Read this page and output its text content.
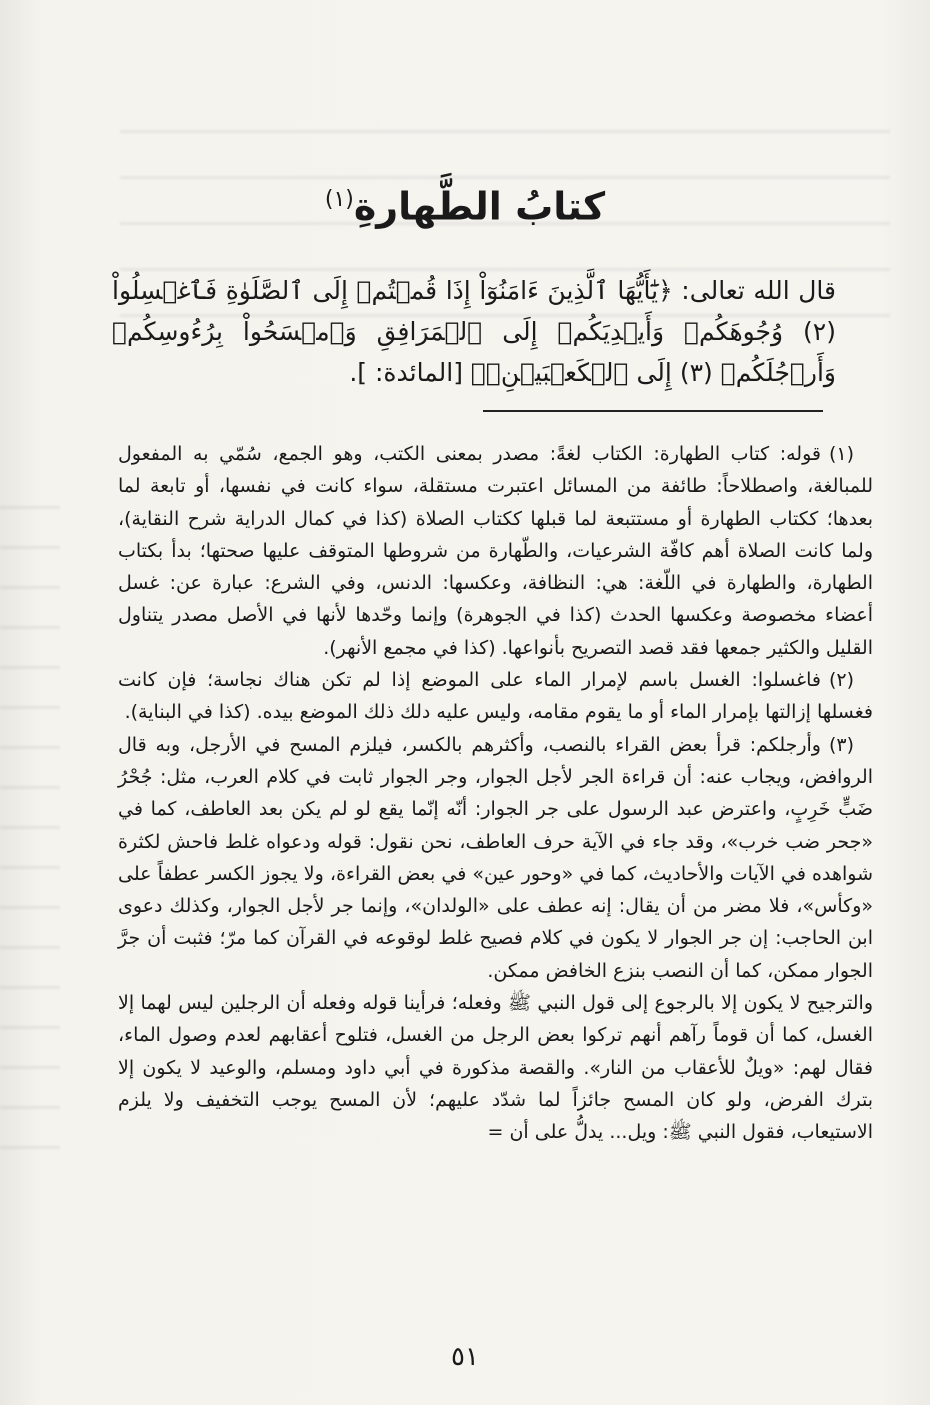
كتابُ الطَّهارةِ$^{(١)}$
قال الله تعالى: ﴿يَٰٓأَيُّهَا ٱلَّذِينَ ءَامَنُوٓاْ إِذَا قُمۡتُمۡ إِلَى ٱلصَّلَوٰةِ فَٱغۡسِلُواْ (٢) وُجُوهَكُمۡ وَأَيۡدِيَكُمۡ إِلَى ٱلۡمَرَافِقِ وَٱمۡسَحُواْ بِرُءُوسِكُمۡ وَأَرۡجُلَكُمۡ (٣) إِلَى ٱلۡكَعۡبَيۡنِۚ﴾ [المائدة: ].

(١)
قوله: كتاب الطهارة: الكتاب لغةً: مصدر بمعنى الكتب، وهو الجمع، سُمّي به المفعول للمبالغة، واصطلاحاً: طائفة من المسائل اعتبرت مستقلة، سواء كانت في نفسها، أو تابعة لما بعدها؛ ككتاب الطهارة أو مستتبعة لما قبلها ككتاب الصلاة (كذا في كمال الدراية شرح النقاية)، ولما كانت الصلاة أهم كافّة الشرعيات، والطّهارة من شروطها المتوقف عليها صحتها؛ بدأ بكتاب الطهارة، والطهارة في اللّغة: هي: النظافة، وعكسها: الدنس، وفي الشرع: عبارة عن: غسل أعضاء مخصوصة وعكسها الحدث (كذا في الجوهرة) وإنما وحّدها لأنها في الأصل مصدر يتناول القليل والكثير جمعها فقد قصد التصريح بأنواعها. (كذا في مجمع الأنهر).

(٢)
فاغسلوا: الغسل باسم لإمرار الماء على الموضع إذا لم تكن هناك نجاسة؛ فإن كانت فغسلها إزالتها بإمرار الماء أو ما يقوم مقامه، وليس عليه دلك ذلك الموضع بيده. (كذا في البناية).

(٣)
وأرجلكم: قرأ بعض القراء بالنصب، وأكثرهم بالكسر، فيلزم المسح في الأرجل، وبه قال الروافض، ويجاب عنه: أن قراءة الجر لأجل الجوار، وجر الجوار ثابت في كلام العرب، مثل: جُحْرُ ضَبٍّ خَرِبٍ، واعترض عبد الرسول على جر الجوار: أنّه إنّما يقع لو لم يكن بعد العاطف، كما في «جحر ضب خرب»، وقد جاء في الآية حرف العاطف، نحن نقول: قوله ودعواه غلط فاحش لكثرة شواهده في الآيات والأحاديث، كما في «وحور عين» في بعض القراءة، ولا يجوز الكسر عطفاً على «وكأس»، فلا مضر من أن يقال: إنه عطف على «الولدان»، وإنما جر لأجل الجوار، وكذلك دعوى ابن الحاجب: إن جر الجوار لا يكون في كلام فصيح غلط لوقوعه في القرآن كما مرّ؛ فثبت أن جرَّ الجوار ممكن، كما أن النصب بنزع الخافض ممكن.

والترجيح لا يكون إلا بالرجوع إلى قول النبي ﷺ وفعله؛ فرأينا قوله وفعله أن الرجلين ليس لهما إلا الغسل، كما أن قوماً رآهم أنهم تركوا بعض الرجل من الغسل، فتلوح أعقابهم لعدم وصول الماء، فقال لهم: «ويلٌ للأعقاب من النار». والقصة مذكورة في أبي داود ومسلم، والوعيد لا يكون إلا بترك الفرض، ولو كان المسح جائزاً لما شدّد عليهم؛ لأن المسح يوجب التخفيف ولا يلزم الاستيعاب، فقول النبي ﷺ: ويل... يدلُّ على أن =

٥١
